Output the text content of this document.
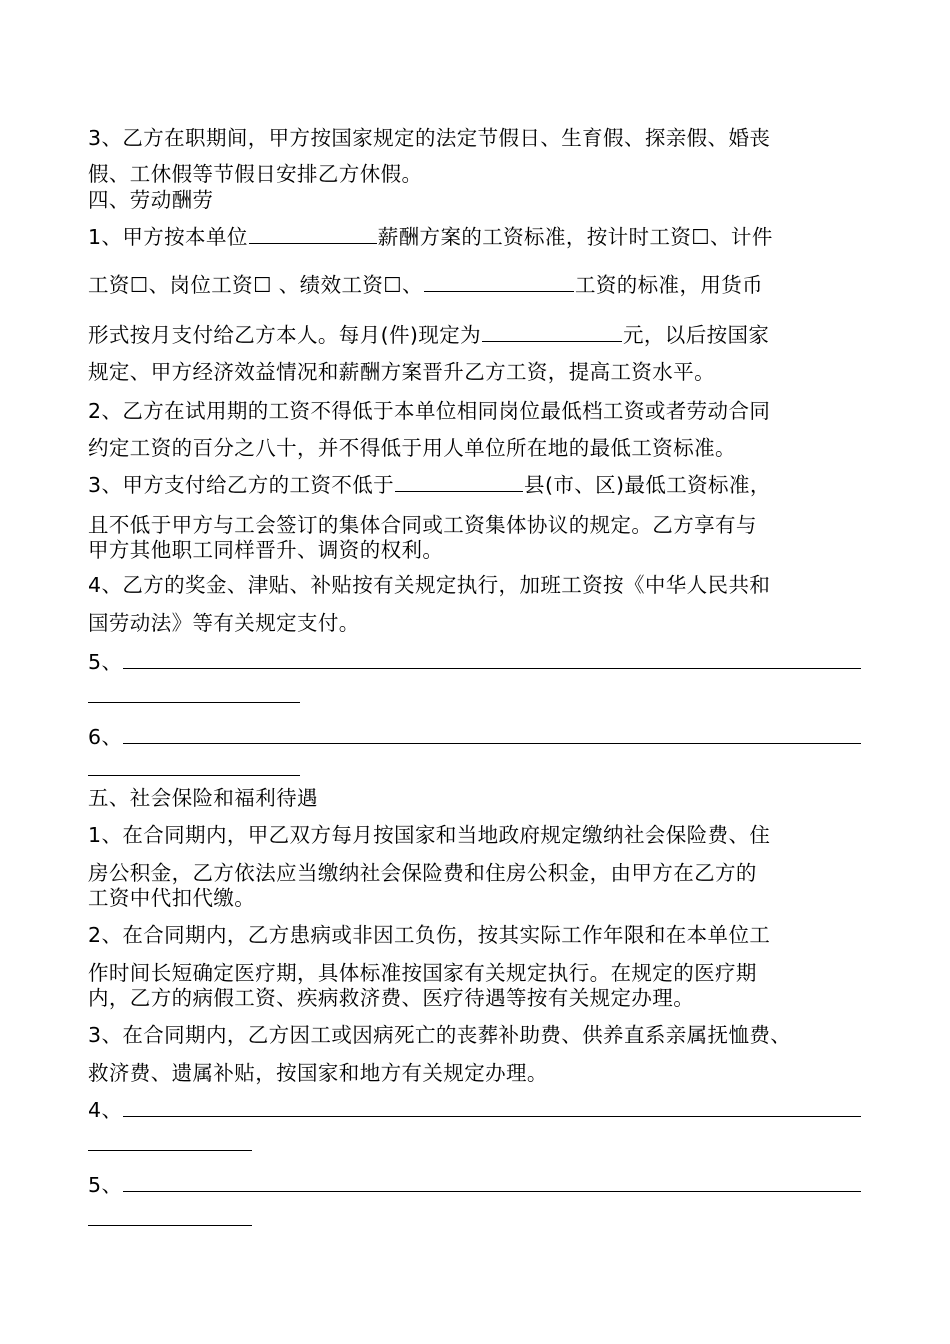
3、乙方在职期间，甲方按国家规定的法定节假日、生育假、探亲假、婚丧
假、工休假等节假日安排乙方休假。
四、劳动酬劳
1、甲方按本单位	薪酬方案的工资标准，按计时工资☐、计件
工资☐、岗位工资☐ 、绩效工资☐、	工资的标准，用货币
形式按月支付给乙方本人。每月(件)现定为	元，以后按国家
规定、甲方经济效益情况和薪酬方案晋升乙方工资，提高工资水平。
2、乙方在试用期的工资不得低于本单位相同岗位最低档工资或者劳动合同
约定工资的百分之八十，并不得低于用人单位所在地的最低工资标准。
3、甲方支付给乙方的工资不低于	县(市、区)最低工资标准，
且不低于甲方与工会签订的集体合同或工资集体协议的规定。乙方享有与
甲方其他职工同样晋升、调资的权利。
4、乙方的奖金、津贴、补贴按有关规定执行，加班工资按《中华人民共和
国劳动法》等有关规定支付。
5、
6、
五、社会保险和福利待遇
1、在合同期内，甲乙双方每月按国家和当地政府规定缴纳社会保险费、住
房公积金，乙方依法应当缴纳社会保险费和住房公积金，由甲方在乙方的
工资中代扣代缴。
2、在合同期内，乙方患病或非因工负伤，按其实际工作年限和在本单位工
作时间长短确定医疗期，具体标准按国家有关规定执行。在规定的医疗期
内，乙方的病假工资、疾病救济费、医疗待遇等按有关规定办理。
3、在合同期内，乙方因工或因病死亡的丧葬补助费、供养直系亲属抚恤费、
救济费、遗属补贴，按国家和地方有关规定办理。
4、
5、
